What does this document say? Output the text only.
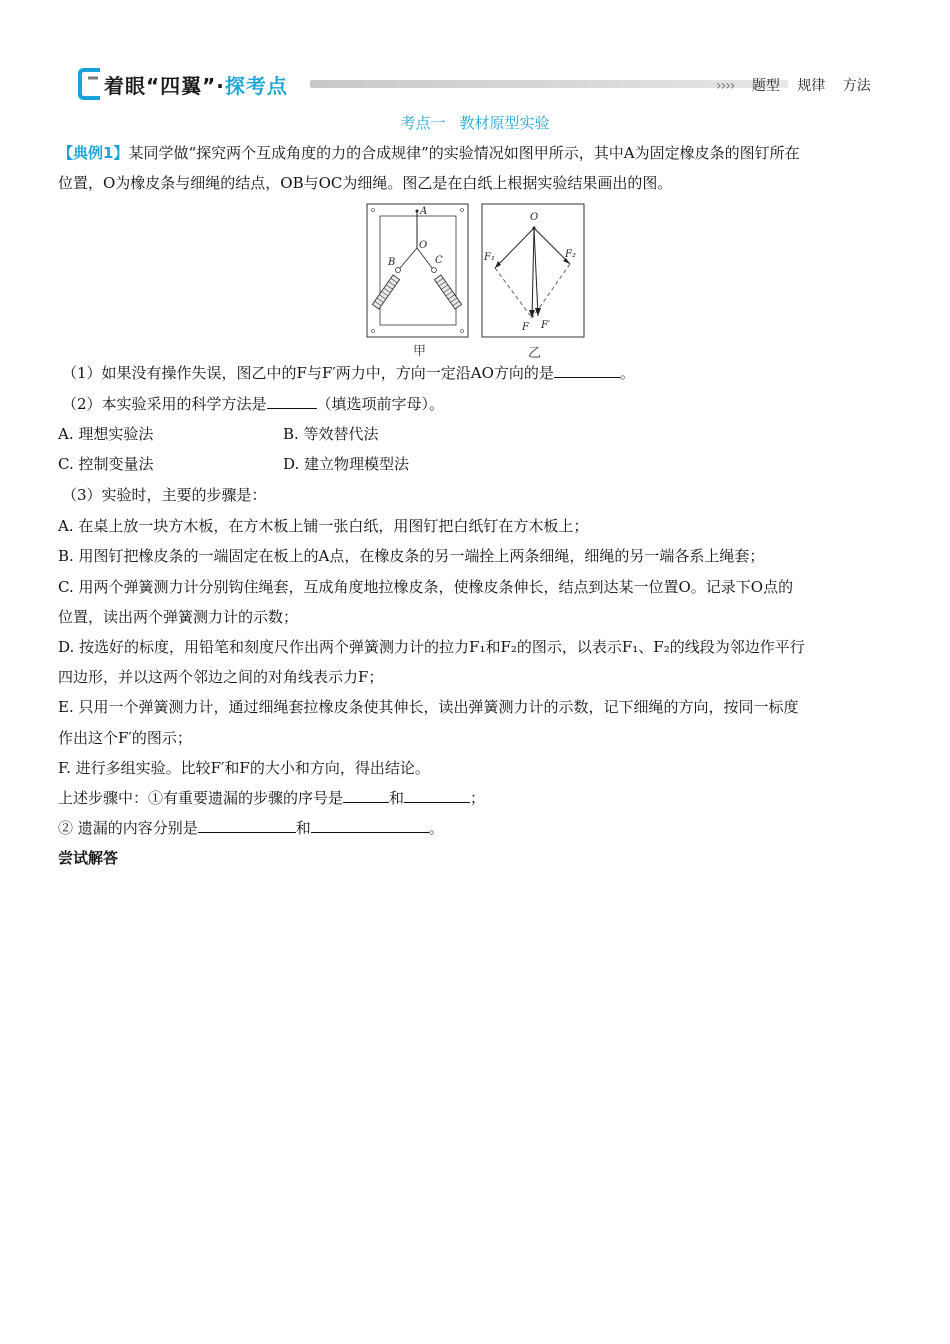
着眼“四翼”·探考点	›››› 题型 规律 方法
考点一 教材原型实验
【典例1】某同学做“探究两个互成角度的力的合成规律”的实验情况如图甲所示，其中A为固定橡皮条的图钉所在
位置，O为橡皮条与细绳的结点，OB与OC为细绳。图乙是在白纸上根据实验结果画出的图。
A
O
B	C
O
F₁	F₂
F F′
甲	乙
（1）如果没有操作失误，图乙中的F与F′两力中，方向一定沿AO方向的是	。
（2）本实验采用的科学方法是	（填选项前字母）。
A. 理想实验法	B. 等效替代法
C. 控制变量法	D. 建立物理模型法
（3）实验时，主要的步骤是：
A. 在桌上放一块方木板，在方木板上铺一张白纸，用图钉把白纸钉在方木板上；
B. 用图钉把橡皮条的一端固定在板上的A点，在橡皮条的另一端拴上两条细绳，细绳的另一端各系上绳套；
C. 用两个弹簧测力计分别钩住绳套，互成角度地拉橡皮条，使橡皮条伸长，结点到达某一位置O。记录下O点的
位置，读出两个弹簧测力计的示数；
D. 按选好的标度，用铅笔和刻度尺作出两个弹簧测力计的拉力F₁和F₂的图示，以表示F₁、F₂的线段为邻边作平行
四边形，并以这两个邻边之间的对角线表示力F；
E. 只用一个弹簧测力计，通过细绳套拉橡皮条使其伸长，读出弹簧测力计的示数，记下细绳的方向，按同一标度
作出这个F′的图示；
F. 进行多组实验。比较F′和F的大小和方向，得出结论。
上述步骤中：①有重要遗漏的步骤的序号是	和	；
② 遗漏的内容分别是	和	。
尝试解答
